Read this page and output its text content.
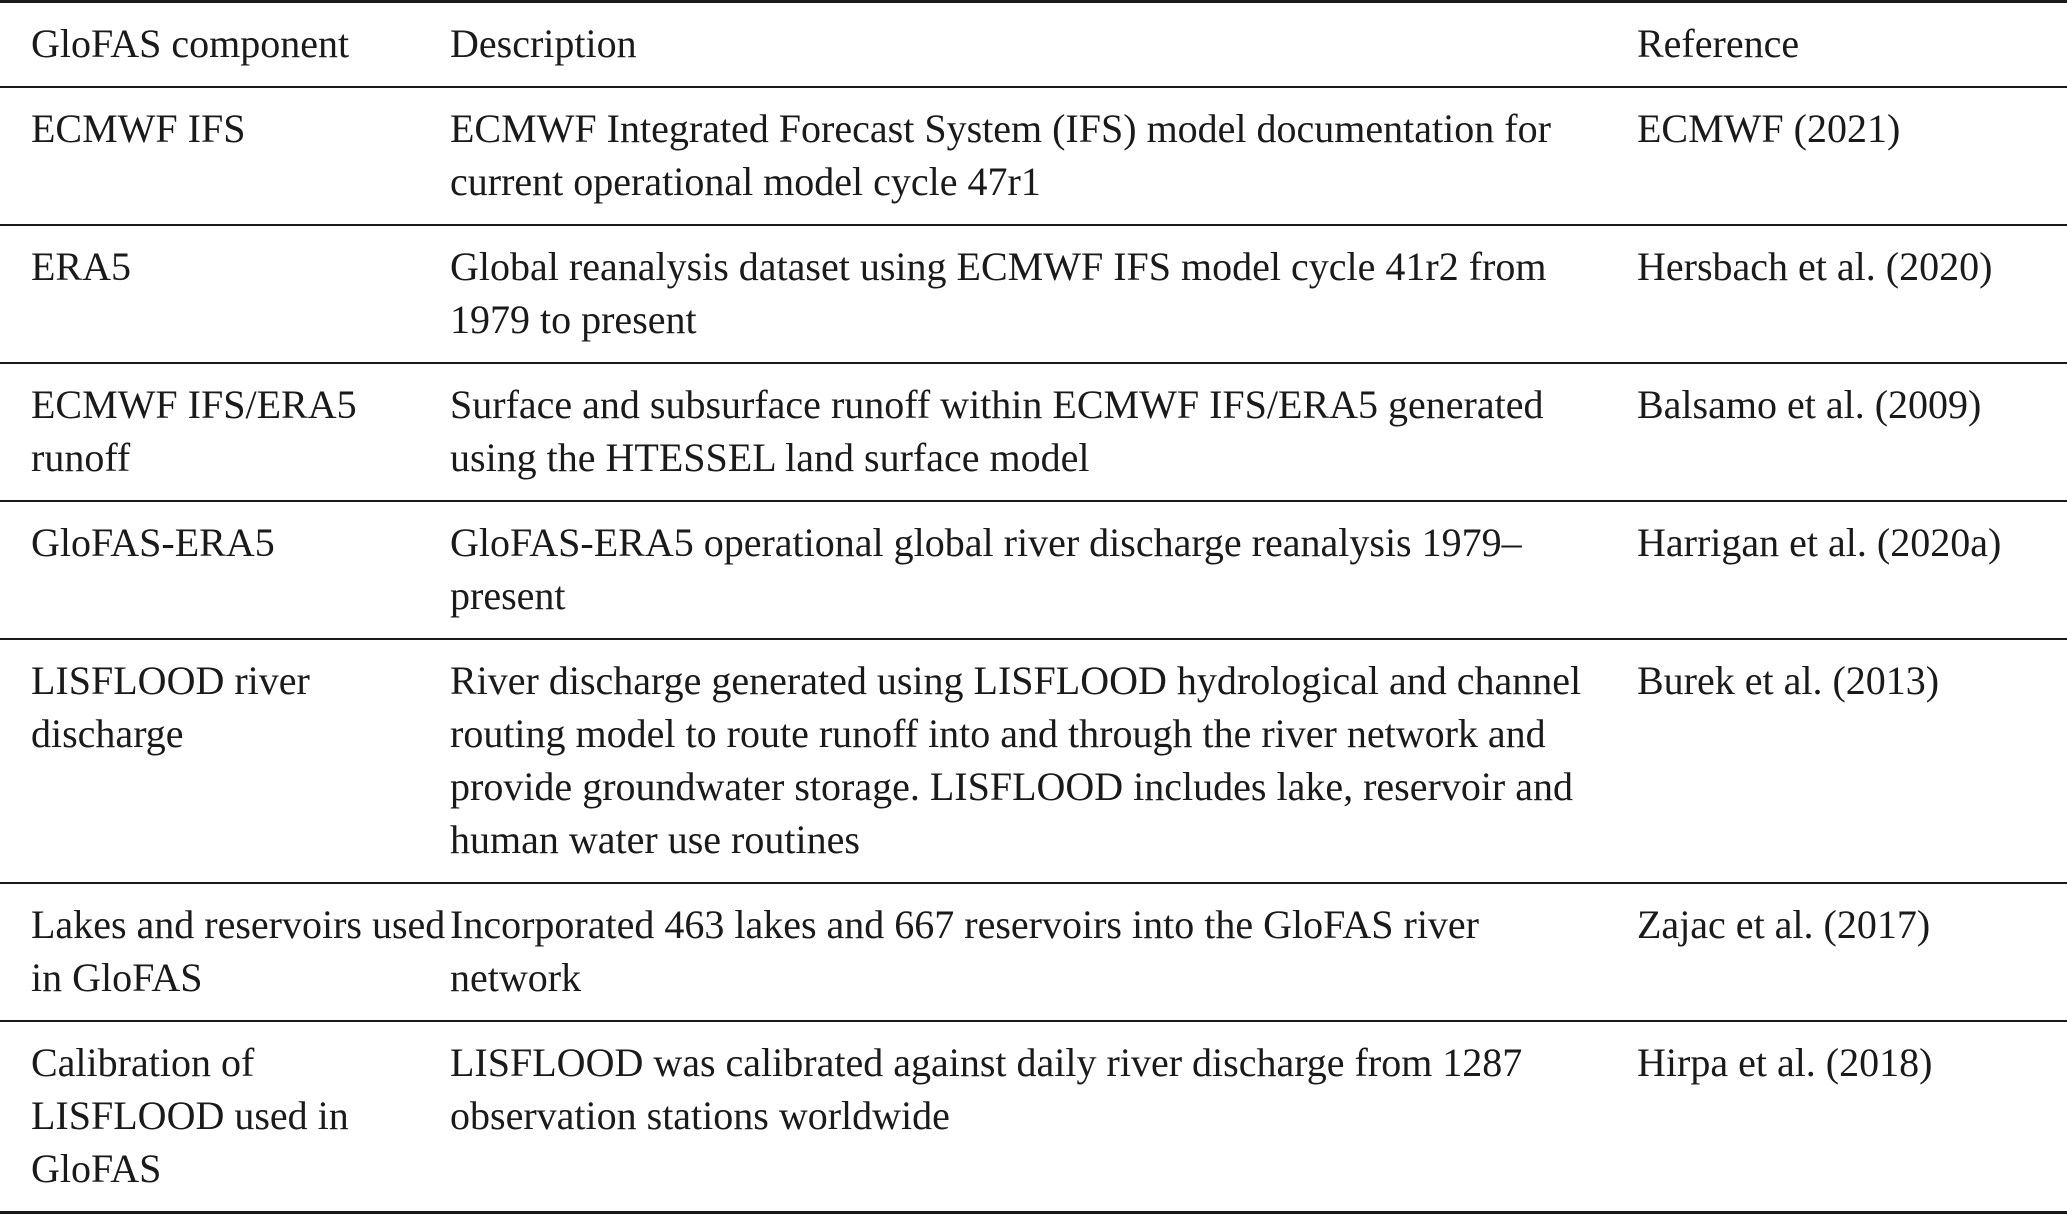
GloFAS component	Description	Reference
ECMWF IFS	ECMWF Integrated Forecast System (IFS) model documentation for current operational model cycle 47r1	ECMWF (2021)
ERA5	Global reanalysis dataset using ECMWF IFS model cycle 41r2 from 1979 to present	Hersbach et al. (2020)
ECMWF IFS/ERA5 runoff	Surface and subsurface runoff within ECMWF IFS/ERA5 generated using the HTESSEL land surface model	Balsamo et al. (2009)
GloFAS-ERA5	GloFAS-ERA5 operational global river discharge reanalysis 1979–present	Harrigan et al. (2020a)
LISFLOOD river discharge	River discharge generated using LISFLOOD hydrological and channel routing model to route runoff into and through the river network and provide groundwater storage. LISFLOOD includes lake, reservoir and human water use routines	Burek et al. (2013)
Lakes and reservoirs used in GloFAS	Incorporated 463 lakes and 667 reservoirs into the GloFAS river network	Zajac et al. (2017)
Calibration of LISFLOOD used in GloFAS	LISFLOOD was calibrated against daily river discharge from 1287 observation stations worldwide	Hirpa et al. (2018)
